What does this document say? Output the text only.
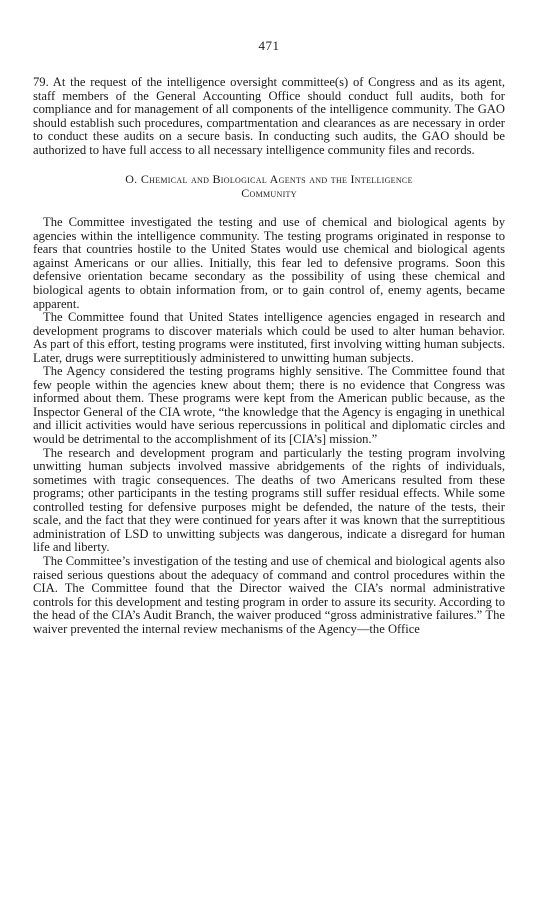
471

79. At the request of the intelligence oversight committee(s) of Congress and as its agent, staff members of the General Accounting Office should conduct full audits, both for compliance and for management of all components of the intelligence community. The GAO should establish such procedures, compartmentation and clearances as are necessary in order to conduct these audits on a secure basis. In conducting such audits, the GAO should be authorized to have full access to all necessary intelligence community files and records.

O. Chemical and Biological Agents and the Intelligence
Community

The Committee investigated the testing and use of chemical and biological agents by agencies within the intelligence community. The testing programs originated in response to fears that countries hostile to the United States would use chemical and biological agents against Americans or our allies. Initially, this fear led to defensive programs. Soon this defensive orientation became secondary as the possibility of using these chemical and biological agents to obtain information from, or to gain control of, enemy agents, became apparent.

The Committee found that United States intelligence agencies engaged in research and development programs to discover materials which could be used to alter human behavior. As part of this effort, testing programs were instituted, first involving witting human subjects. Later, drugs were surreptitiously administered to unwitting human subjects.

The Agency considered the testing programs highly sensitive. The Committee found that few people within the agencies knew about them; there is no evidence that Congress was informed about them. These programs were kept from the American public because, as the Inspector General of the CIA wrote, “the knowledge that the Agency is engaging in unethical and illicit activities would have serious repercussions in political and diplomatic circles and would be detrimental to the accomplishment of its [CIA’s] mission.”

The research and development program and particularly the testing program involving unwitting human subjects involved massive abridgements of the rights of individuals, sometimes with tragic consequences. The deaths of two Americans resulted from these programs; other participants in the testing programs still suffer residual effects. While some controlled testing for defensive purposes might be defended, the nature of the tests, their scale, and the fact that they were continued for years after it was known that the surreptitious administration of LSD to unwitting subjects was dangerous, indicate a disregard for human life and liberty.

The Committee’s investigation of the testing and use of chemical and biological agents also raised serious questions about the adequacy of command and control procedures within the CIA. The Committee found that the Director waived the CIA’s normal administrative controls for this development and testing program in order to assure its security. According to the head of the CIA’s Audit Branch, the waiver produced “gross administrative failures.” The waiver prevented the internal review mechanisms of the Agency—the Office
